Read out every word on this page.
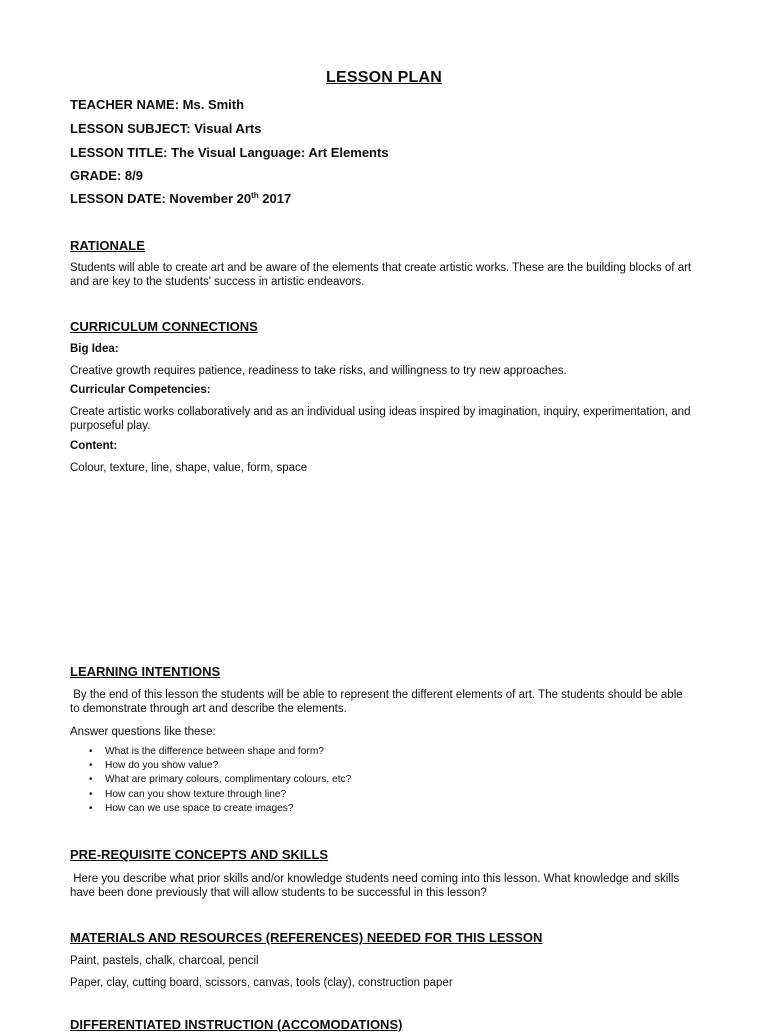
LESSON PLAN
TEACHER NAME: Ms. Smith
LESSON SUBJECT: Visual Arts
LESSON TITLE: The Visual Language: Art Elements
GRADE: 8/9
LESSON DATE: November 20th 2017
RATIONALE
Students will able to create art and be aware of the elements that create artistic works. These are the building blocks of art and are key to the students' success in artistic endeavors.
CURRICULUM CONNECTIONS
Big Idea:
Creative growth requires patience, readiness to take risks, and willingness to try new approaches.
Curricular Competencies:
Create artistic works collaboratively and as an individual using ideas inspired by imagination, inquiry, experimentation, and purposeful play.
Content:
Colour, texture, line, shape, value, form, space
LEARNING INTENTIONS
By the end of this lesson the students will be able to represent the different elements of art. The students should be able to demonstrate through art and describe the elements.
Answer questions like these:
• What is the difference between shape and form?
• How do you show value?
• What are primary colours, complimentary colours, etc?
• How can you show texture through line?
• How can we use space to create images?
PRE-REQUISITE CONCEPTS AND SKILLS
Here you describe what prior skills and/or knowledge students need coming into this lesson. What knowledge and skills have been done previously that will allow students to be successful in this lesson?
MATERIALS AND RESOURCES (REFERENCES) NEEDED FOR THIS LESSON
Paint, pastels, chalk, charcoal, pencil
Paper, clay, cutting board, scissors, canvas, tools (clay), construction paper
DIFFERENTIATED INSTRUCTION (ACCOMODATIONS)
